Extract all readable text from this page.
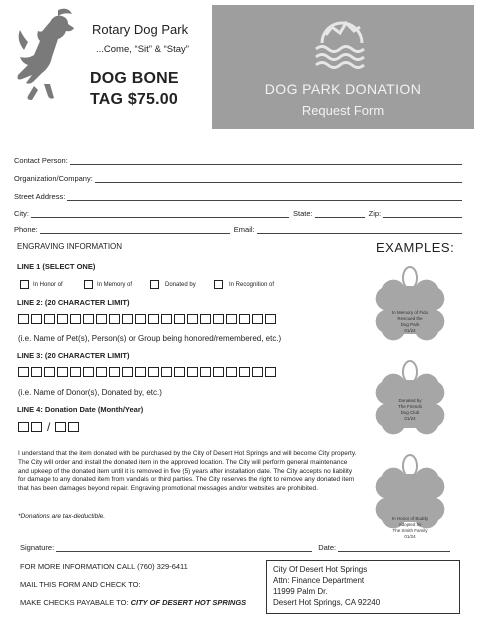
Rotary Dog Park
...Come, “Sit” & “Stay”
DOG BONE
TAG $75.00
DOG PARK DONATION
Request Form
Contact Person:
Organization/Company:
Street Address:
City:	State:	Zip:
Phone:	Email:
ENGRAVING INFORMATION
LINE 1 (SELECT ONE)
In Honor of	In Memory of	Donated by	In Recognition of
LINE 2: (20 CHARACTER LIMIT)
(i.e. Name of Pet(s), Person(s) or Group being honored/remembered, etc.)
LINE 3: (20 CHARACTER LIMIT)
(i.e. Name of Donor(s), Donated by, etc.)
LINE 4: Donation Date (Month/Year)
/
I understand that the item donated with be purchased by the City of Desert Hot Springs and will become City property. The City will order and install the donated item in the approved location. The City will perform general maintenance and upkeep of the donated item until it is removed in five (5) years after installation date. The City accepts no liability for damage to any donated item from vandals or third parties. The City reserves the right to remove any donated item that has been damages beyond repair. Engraving promotional messages and/or websites are prohibited.
*Donations are tax-deductible.
EXAMPLES:
In Memory of Fido
Rescued the
Dog Park
01/24
Donated by
The Friends
Dog Club
01/24
In Honor of Buddy
Adopted by
The Smith Family
01/24
Signature:	Date:
FOR MORE INFORMATION CALL (760) 329-6411
MAIL THIS FORM AND CHECK TO:
MAKE CHECKS PAYABALE TO: CITY OF DESERT HOT SPRINGS
City Of Desert Hot Springs
Attn: Finance Department
11999 Palm Dr.
Desert Hot Springs, CA 92240
